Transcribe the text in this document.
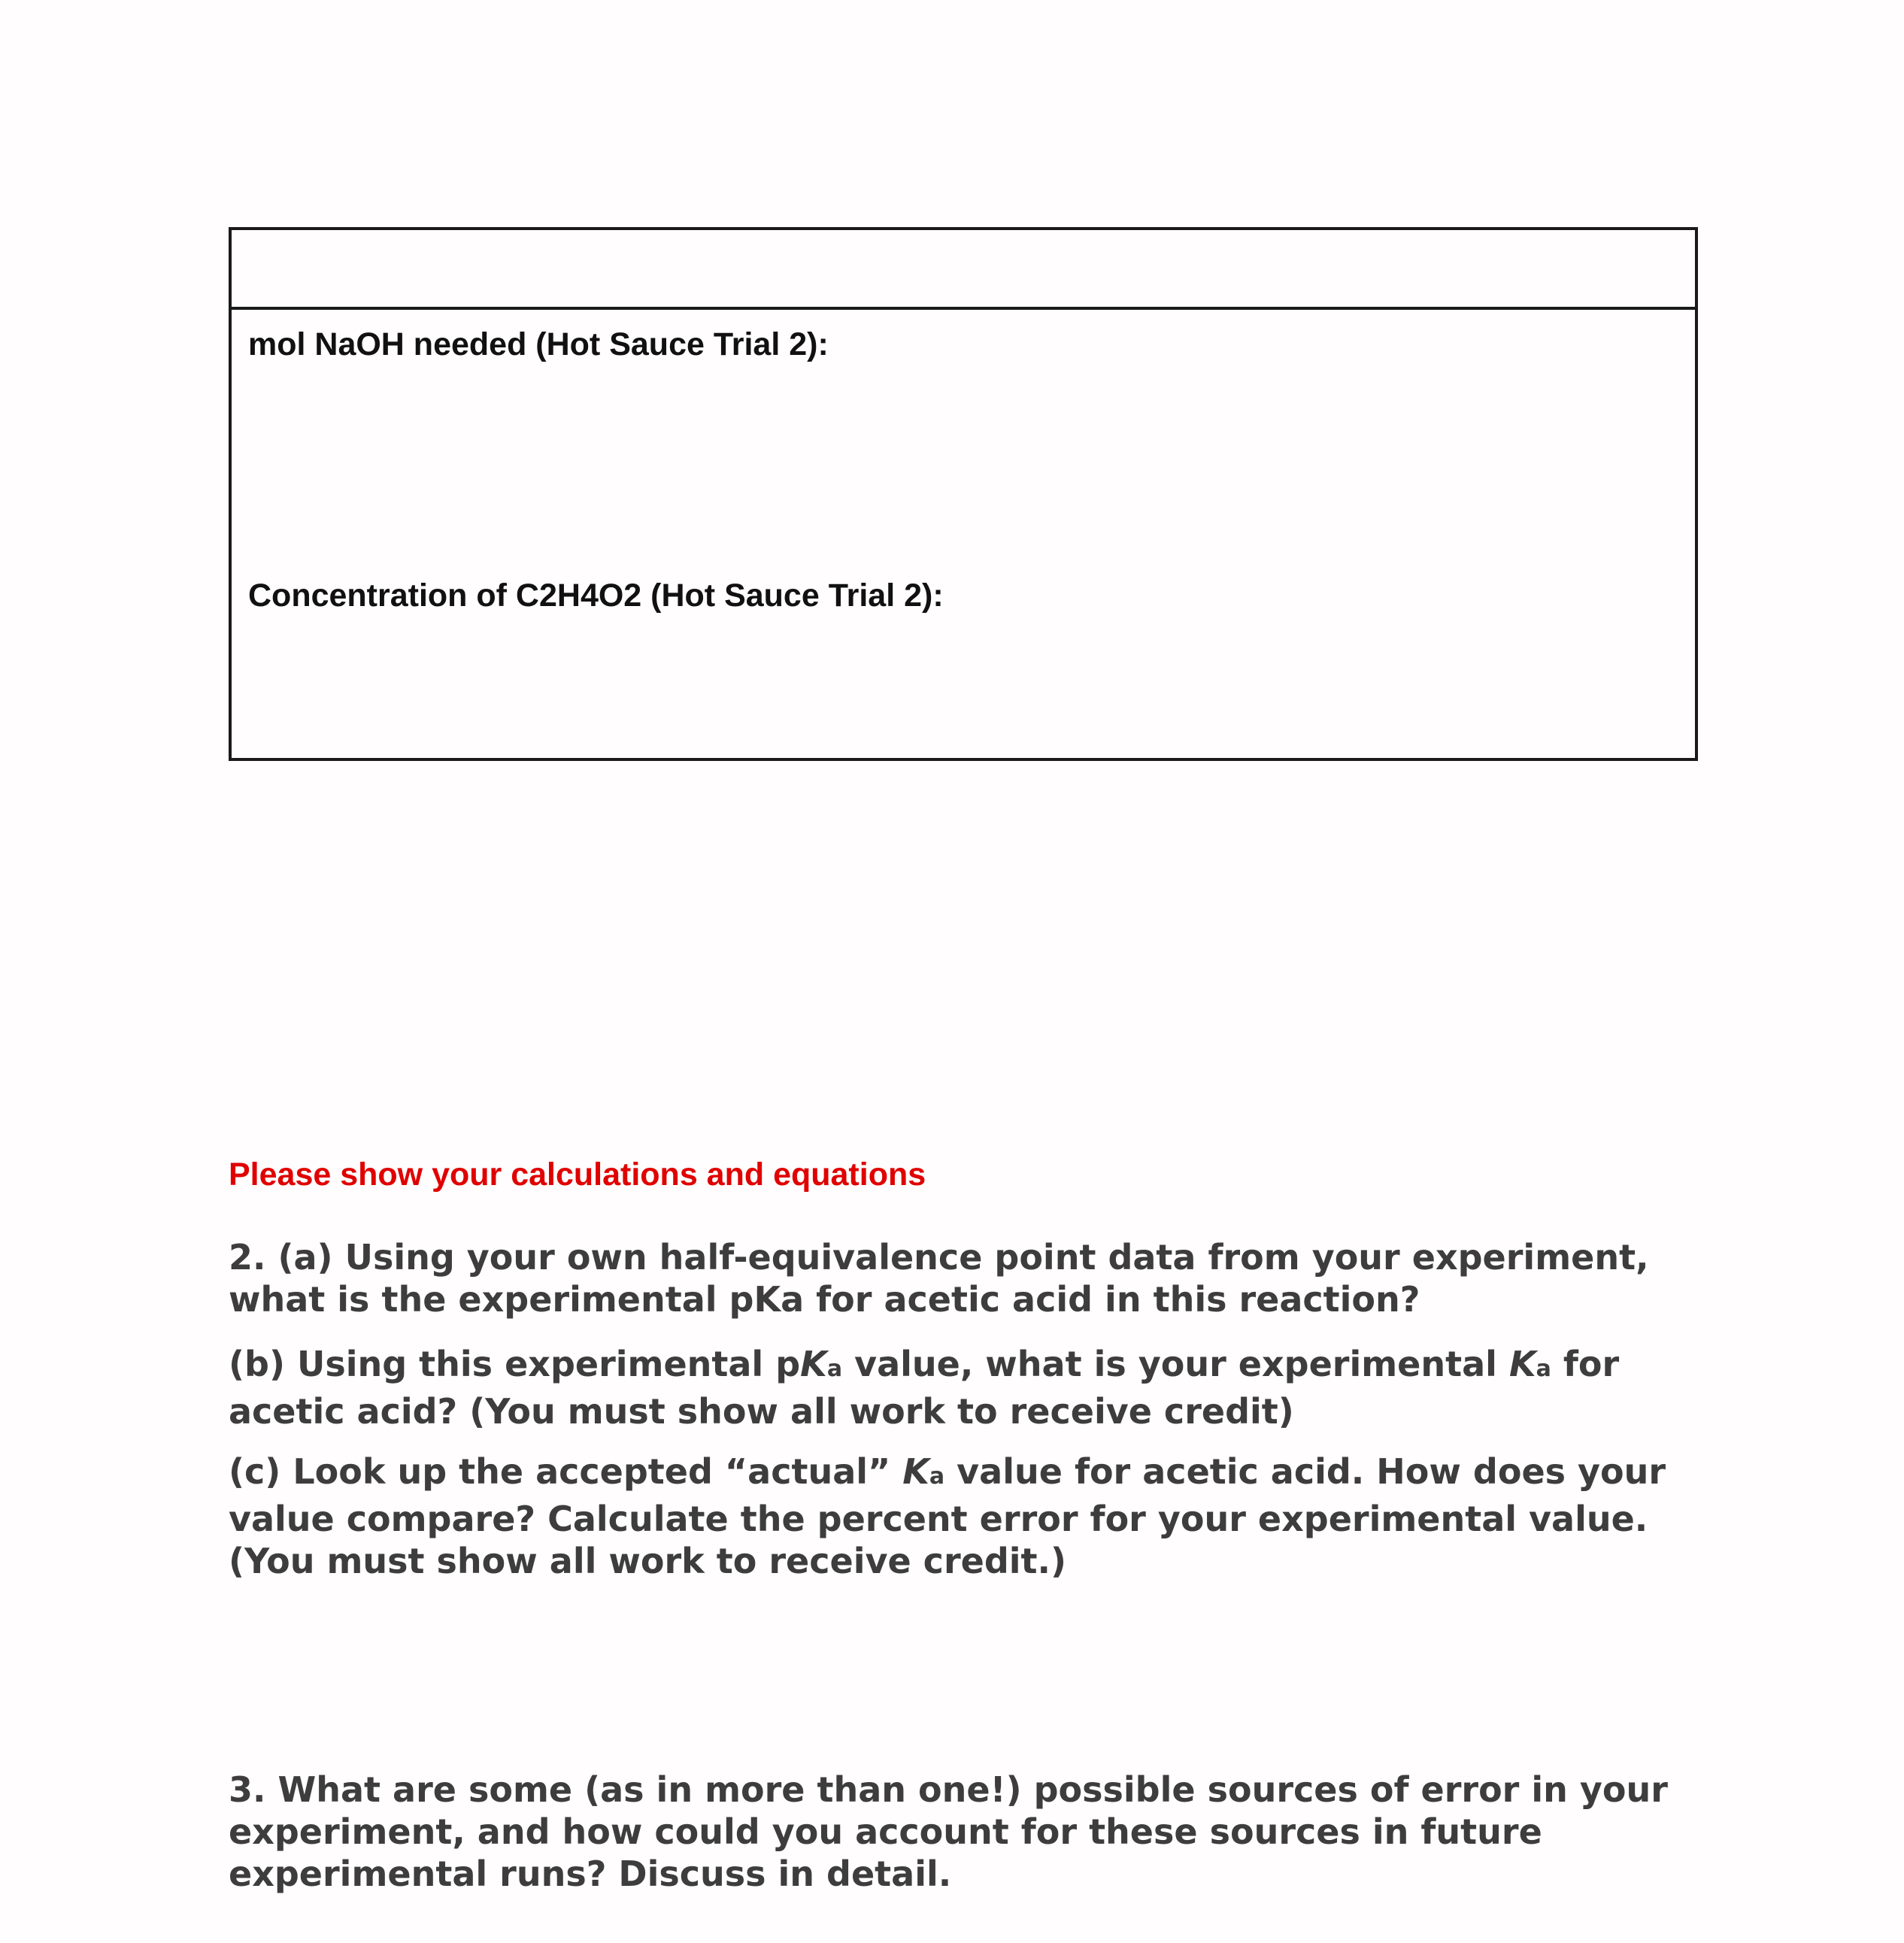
mol NaOH needed (Hot Sauce Trial 2):
Concentration of C2H4O2 (Hot Sauce Trial 2):
Please show your calculations and equations

2. (a) Using your own half-equivalence point data from your experiment,
what is the experimental pKa for acetic acid in this reaction?

(b) Using this experimental pKa value, what is your experimental Ka for
acetic acid? (You must show all work to receive credit)

(c) Look up the accepted “actual” Ka value for acetic acid. How does your
value compare? Calculate the percent error for your experimental value.
(You must show all work to receive credit.)

3. What are some (as in more than one!) possible sources of error in your
experiment, and how could you account for these sources in future
experimental runs? Discuss in detail.
